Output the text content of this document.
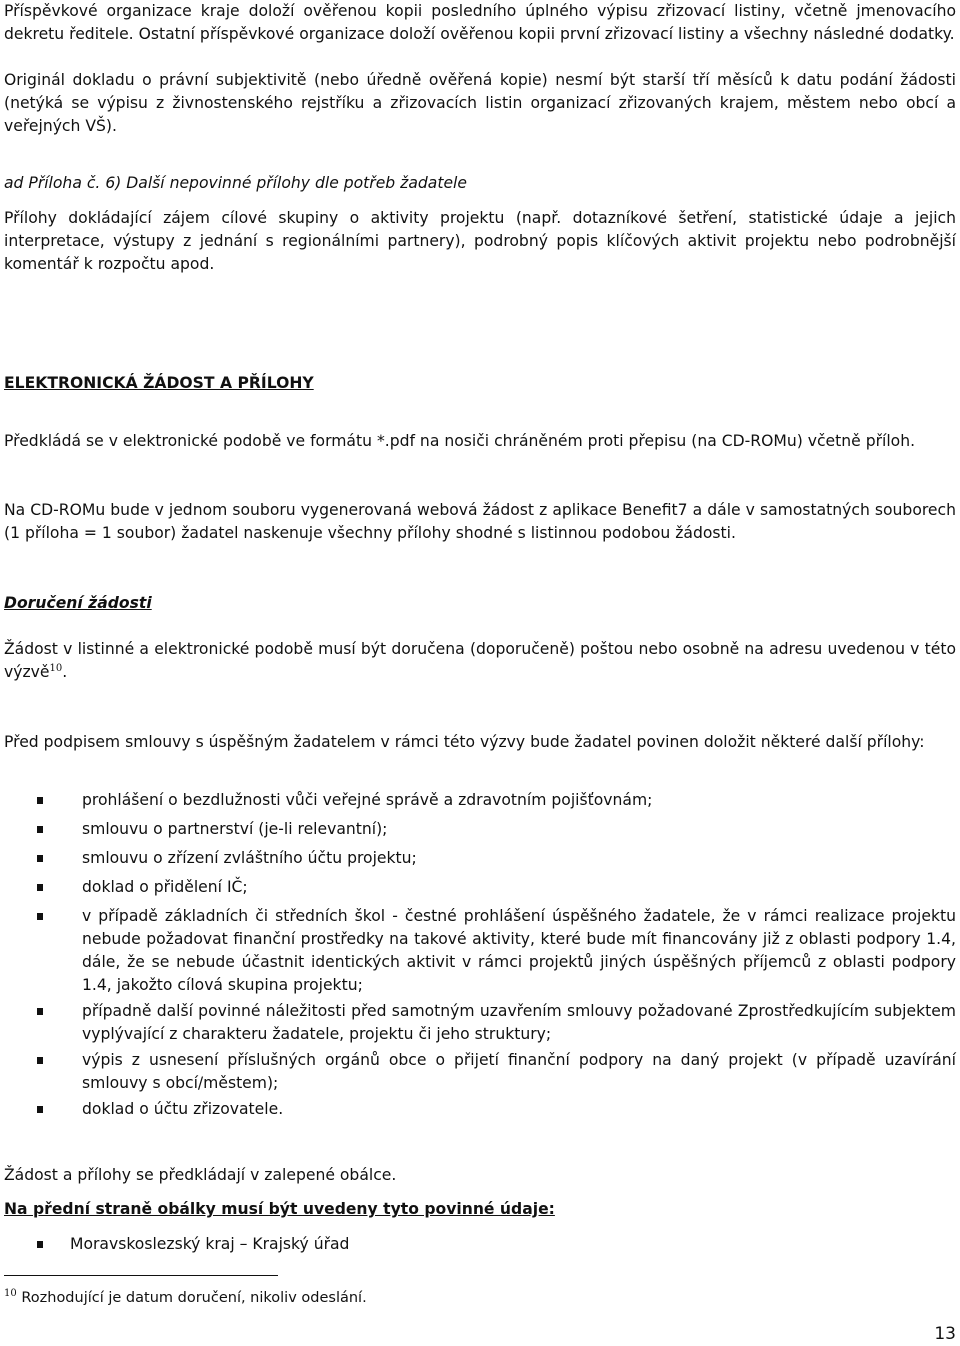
Příspěvkové organizace kraje doloží ověřenou kopii posledního úplného výpisu zřizovací listiny, včetně jmenovacího dekretu ředitele. Ostatní příspěvkové organizace doloží ověřenou kopii první zřizovací listiny a všechny následné dodatky.

Originál dokladu o právní subjektivitě (nebo úředně ověřená kopie) nesmí být starší tří měsíců k datu podání žádosti (netýká se výpisu z živnostenského rejstříku a zřizovacích listin organizací zřizovaných krajem, městem nebo obcí a veřejných VŠ).

ad Příloha č. 6) Další nepovinné přílohy dle potřeb žadatele

Přílohy dokládající zájem cílové skupiny o aktivity projektu (např. dotazníkové šetření, statistické údaje a jejich interpretace, výstupy z jednání s regionálními partnery), podrobný popis klíčových aktivit projektu nebo podrobnější komentář k rozpočtu apod.

ELEKTRONICKÁ ŽÁDOST A PŘÍLOHY

Předkládá se v elektronické podobě ve formátu *.pdf na nosiči chráněném proti přepisu (na CD-ROMu) včetně příloh.

Na CD-ROMu bude v jednom souboru vygenerovaná webová žádost z aplikace Benefit7 a dále v samostatných souborech (1 příloha = 1 soubor) žadatel naskenuje všechny přílohy shodné s listinnou podobou žádosti.

Doručení žádosti

Žádost v listinné a elektronické podobě musí být doručena (doporučeně) poštou nebo osobně na adresu uvedenou v této výzvě$^{10}$.

Před podpisem smlouvy s úspěšným žadatelem v rámci této výzvy bude žadatel povinen doložit některé další přílohy:

prohlášení o bezdlužnosti vůči veřejné správě a zdravotním pojišťovnám;
smlouvu o partnerství (je-li relevantní);
smlouvu o zřízení zvláštního účtu projektu;
doklad o přidělení IČ;
v případě základních či středních škol - čestné prohlášení úspěšného žadatele, že v rámci realizace projektu nebude požadovat finanční prostředky na takové aktivity, které bude mít financovány již z oblasti podpory 1.4, dále, že se nebude účastnit identických aktivit v rámci projektů jiných úspěšných příjemců z oblasti podpory 1.4, jakožto cílová skupina projektu;
případně další povinné náležitosti před samotným uzavřením smlouvy požadované Zprostředkujícím subjektem vyplývající z charakteru žadatele, projektu či jeho struktury;
výpis z usnesení příslušných orgánů obce o přijetí finanční podpory na daný projekt (v případě uzavírání smlouvy s obcí/městem);
doklad o účtu zřizovatele.

Žádost a přílohy se předkládají v zalepené obálce.

Na přední straně obálky musí být uvedeny tyto povinné údaje:

Moravskoslezský kraj – Krajský úřad
$^{10}$ Rozhodující je datum doručení, nikoliv odeslání.
13
